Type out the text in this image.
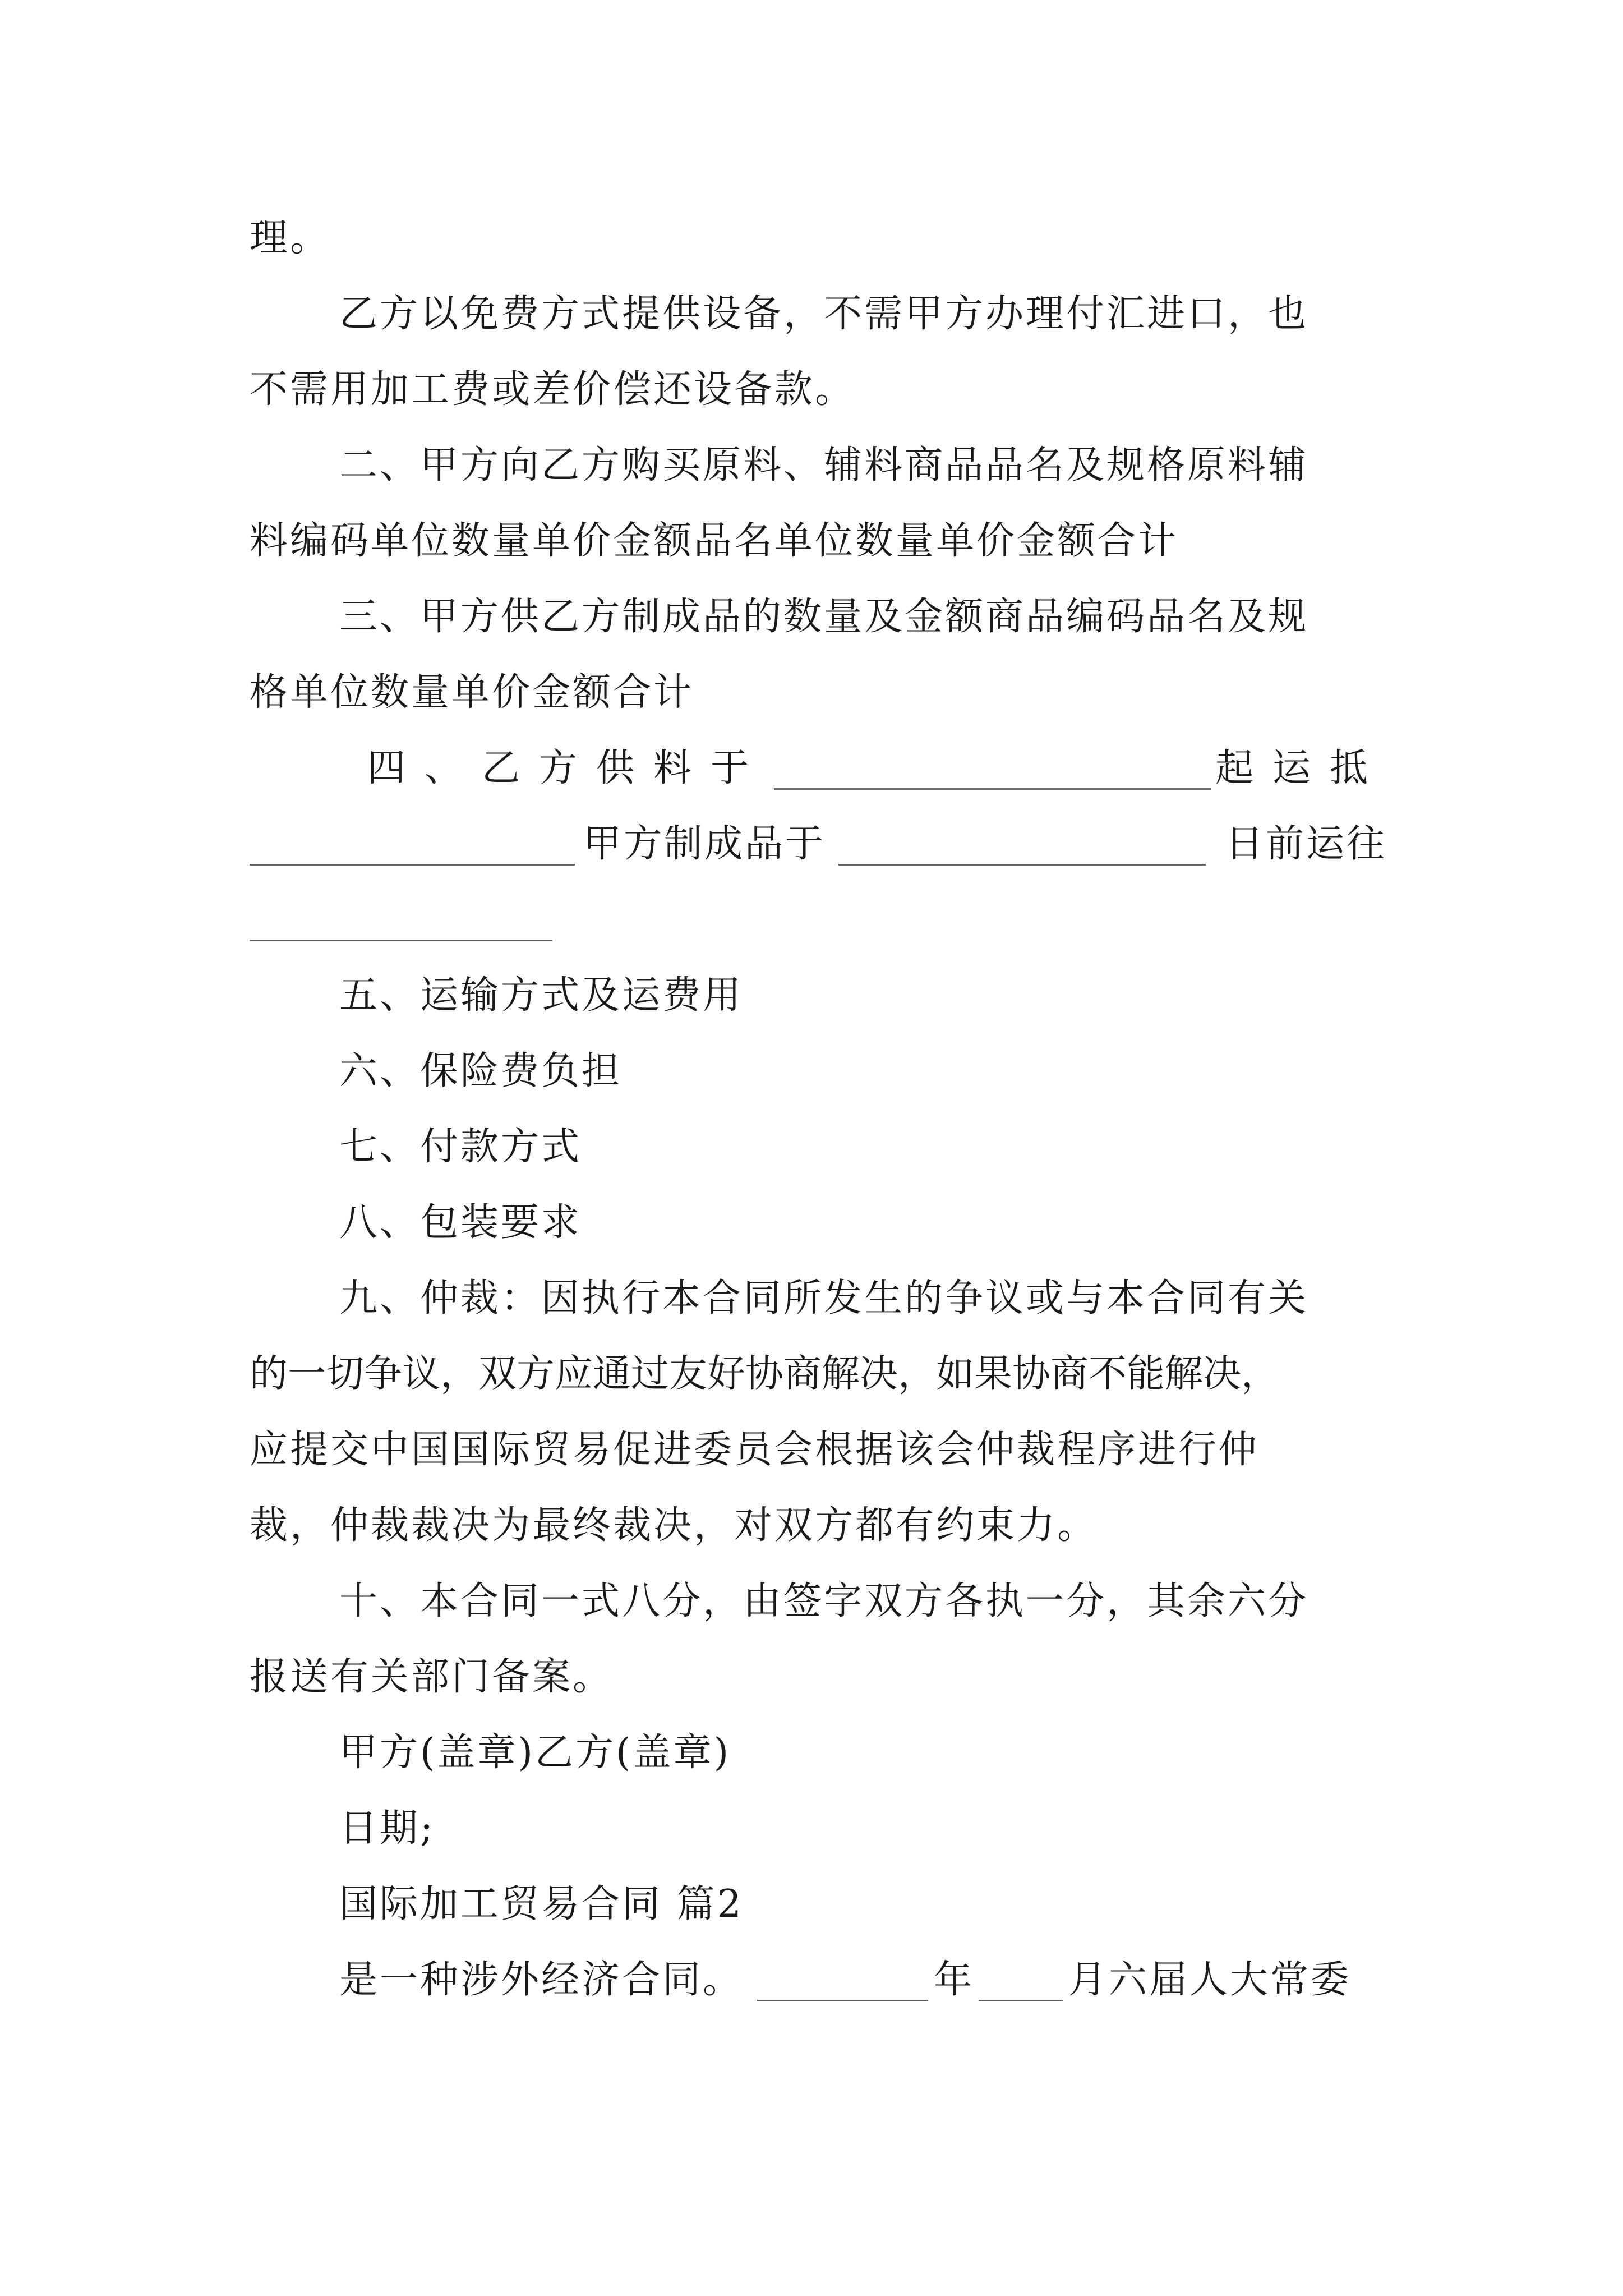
理。
乙方以免费方式提供设备，不需甲方办理付汇进口，也
不需用加工费或差价偿还设备款。
二、甲方向乙方购买原料、辅料商品品名及规格原料辅
料编码单位数量单价金额品名单位数量单价金额合计
三、甲方供乙方制成品的数量及金额商品编码品名及规
格单位数量单价金额合计
四、乙方供料于	起运抵
甲方制成品于	日前运往
五、运输方式及运费用
六、保险费负担
七、付款方式
八、包装要求
九、仲裁：因执行本合同所发生的争议或与本合同有关
的一切争议，双方应通过友好协商解决，如果协商不能解决，
应提交中国国际贸易促进委员会根据该会仲裁程序进行仲
裁，仲裁裁决为最终裁决，对双方都有约束力。
十、本合同一式八分，由签字双方各执一分，其余六分
报送有关部门备案。
甲方(盖章)乙方(盖章)
日期;
国际加工贸易合同 篇2
是一种涉外经济合同。	年 月六届人大常委
